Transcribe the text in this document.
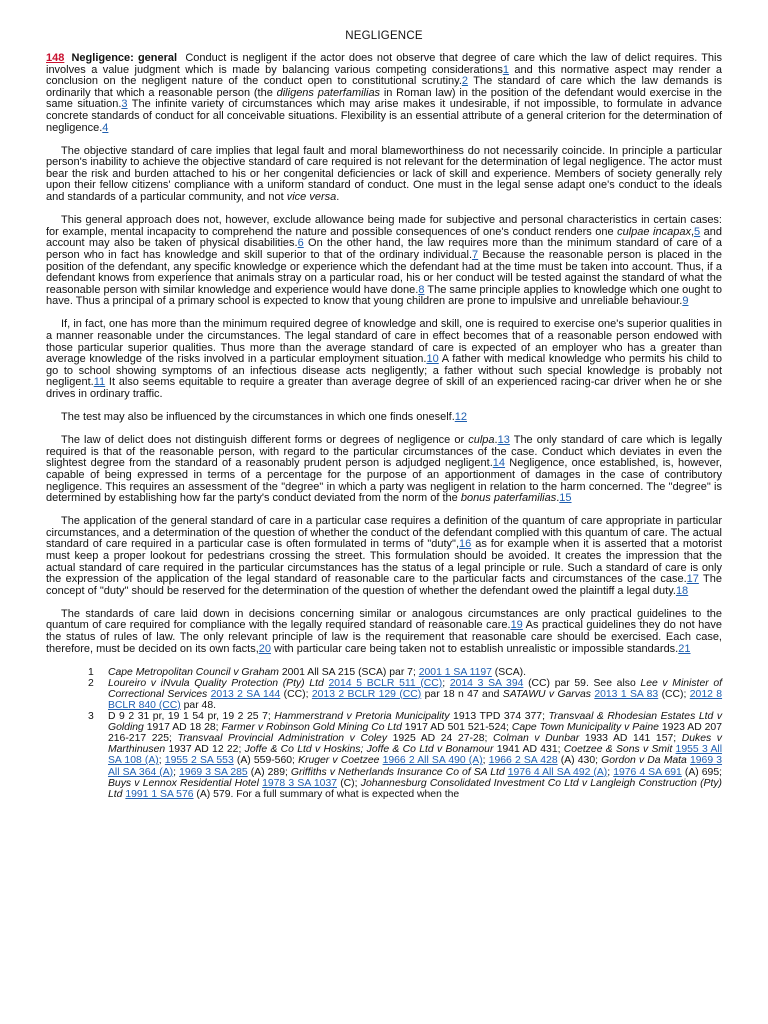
NEGLIGENCE

148 Negligence: general Conduct is negligent if the actor does not observe that degree of care which the law of delict requires. This involves a value judgment which is made by balancing various competing considerations1 and this normative aspect may render a conclusion on the negligent nature of the conduct open to constitutional scrutiny.2 The standard of care which the law demands is ordinarily that which a reasonable person (the diligens paterfamilias in Roman law) in the position of the defendant would exercise in the same situation.3 The infinite variety of circumstances which may arise makes it undesirable, if not impossible, to formulate in advance concrete standards of conduct for all conceivable situations. Flexibility is an essential attribute of a general criterion for the determination of negligence.4

The objective standard of care implies that legal fault and moral blameworthiness do not necessarily coincide. In principle a particular person's inability to achieve the objective standard of care required is not relevant for the determination of legal negligence. The actor must bear the risk and burden attached to his or her congenital deficiencies or lack of skill and experience. Members of society generally rely upon their fellow citizens' compliance with a uniform standard of conduct. One must in the legal sense adapt one's conduct to the ideals and standards of a particular community, and not vice versa.

This general approach does not, however, exclude allowance being made for subjective and personal characteristics in certain cases: for example, mental incapacity to comprehend the nature and possible consequences of one's conduct renders one culpae incapax,5 and account may also be taken of physical disabilities.6 On the other hand, the law requires more than the minimum standard of care of a person who in fact has knowledge and skill superior to that of the ordinary individual.7 Because the reasonable person is placed in the position of the defendant, any specific knowledge or experience which the defendant had at the time must be taken into account. Thus, if a defendant knows from experience that animals stray on a particular road, his or her conduct will be tested against the standard of what the reasonable person with similar knowledge and experience would have done.8 The same principle applies to knowledge which one ought to have. Thus a principal of a primary school is expected to know that young children are prone to impulsive and unreliable behaviour.9

If, in fact, one has more than the minimum required degree of knowledge and skill, one is required to exercise one's superior qualities in a manner reasonable under the circumstances. The legal standard of care in effect becomes that of a reasonable person endowed with those particular superior qualities. Thus more than the average standard of care is expected of an employer who has a greater than average knowledge of the risks involved in a particular employment situation.10 A father with medical knowledge who permits his child to go to school showing symptoms of an infectious disease acts negligently; a father without such special knowledge is probably not negligent.11 It also seems equitable to require a greater than average degree of skill of an experienced racing-car driver when he or she drives in ordinary traffic.

The test may also be influenced by the circumstances in which one finds oneself.12

The law of delict does not distinguish different forms or degrees of negligence or culpa.13 The only standard of care which is legally required is that of the reasonable person, with regard to the particular circumstances of the case. Conduct which deviates in even the slightest degree from the standard of a reasonably prudent person is adjudged negligent.14 Negligence, once established, is, however, capable of being expressed in terms of a percentage for the purpose of an apportionment of damages in the case of contributory negligence. This requires an assessment of the "degree" in which a party was negligent in relation to the harm concerned. The "degree" is determined by establishing how far the party's conduct deviated from the norm of the bonus paterfamilias.15

The application of the general standard of care in a particular case requires a definition of the quantum of care appropriate in particular circumstances, and a determination of the question of whether the conduct of the defendant complied with this quantum of care. The actual standard of care required in a particular case is often formulated in terms of "duty",16 as for example when it is asserted that a motorist must keep a proper lookout for pedestrians crossing the street. This formulation should be avoided. It creates the impression that the actual standard of care required in the particular circumstances has the status of a legal principle or rule. Such a standard of care is only the expression of the application of the legal standard of reasonable care to the particular facts and circumstances of the case.17 The concept of "duty" should be reserved for the determination of the question of whether the defendant owed the plaintiff a legal duty.18

The standards of care laid down in decisions concerning similar or analogous circumstances are only practical guidelines to the quantum of care required for compliance with the legally required standard of reasonable care.19 As practical guidelines they do not have the status of rules of law. The only relevant principle of law is the requirement that reasonable care should be exercised. Each case, therefore, must be decided on its own facts,20 with particular care being taken not to establish unrealistic or impossible standards.21

1 Cape Metropolitan Council v Graham 2001 All SA 215 (SCA) par 7; 2001 1 SA 1197 (SCA).
2 Loureiro v iNvula Quality Protection (Pty) Ltd 2014 5 BCLR 511 (CC); 2014 3 SA 394 (CC) par 59. See also Lee v Minister of Correctional Services 2013 2 SA 144 (CC); 2013 2 BCLR 129 (CC) par 18 n 47 and SATAWU v Garvas 2013 1 SA 83 (CC); 2012 8 BCLR 840 (CC) par 48.
3 D 9 2 31 pr, 19 1 54 pr, 19 2 25 7; Hammerstrand v Pretoria Municipality 1913 TPD 374 377; Transvaal & Rhodesian Estates Ltd v Golding 1917 AD 18 28; Farmer v Robinson Gold Mining Co Ltd 1917 AD 501 521-524; Cape Town Municipality v Paine 1923 AD 207 216-217 225; Transvaal Provincial Administration v Coley 1925 AD 24 27-28; Colman v Dunbar 1933 AD 141 157; Dukes v Marthinusen 1937 AD 12 22; Joffe & Co Ltd v Hoskins; Joffe & Co Ltd v Bonamour 1941 AD 431; Coetzee & Sons v Smit 1955 3 All SA 108 (A); 1955 2 SA 553 (A) 559-560; Kruger v Coetzee 1966 2 All SA 490 (A); 1966 2 SA 428 (A) 430; Gordon v Da Mata 1969 3 All SA 364 (A); 1969 3 SA 285 (A) 289; Griffiths v Netherlands Insurance Co of SA Ltd 1976 4 All SA 492 (A); 1976 4 SA 691 (A) 695; Buys v Lennox Residential Hotel 1978 3 SA 1037 (C); Johannesburg Consolidated Investment Co Ltd v Langleigh Construction (Pty) Ltd 1991 1 SA 576 (A) 579. For a full summary of what is expected when the
